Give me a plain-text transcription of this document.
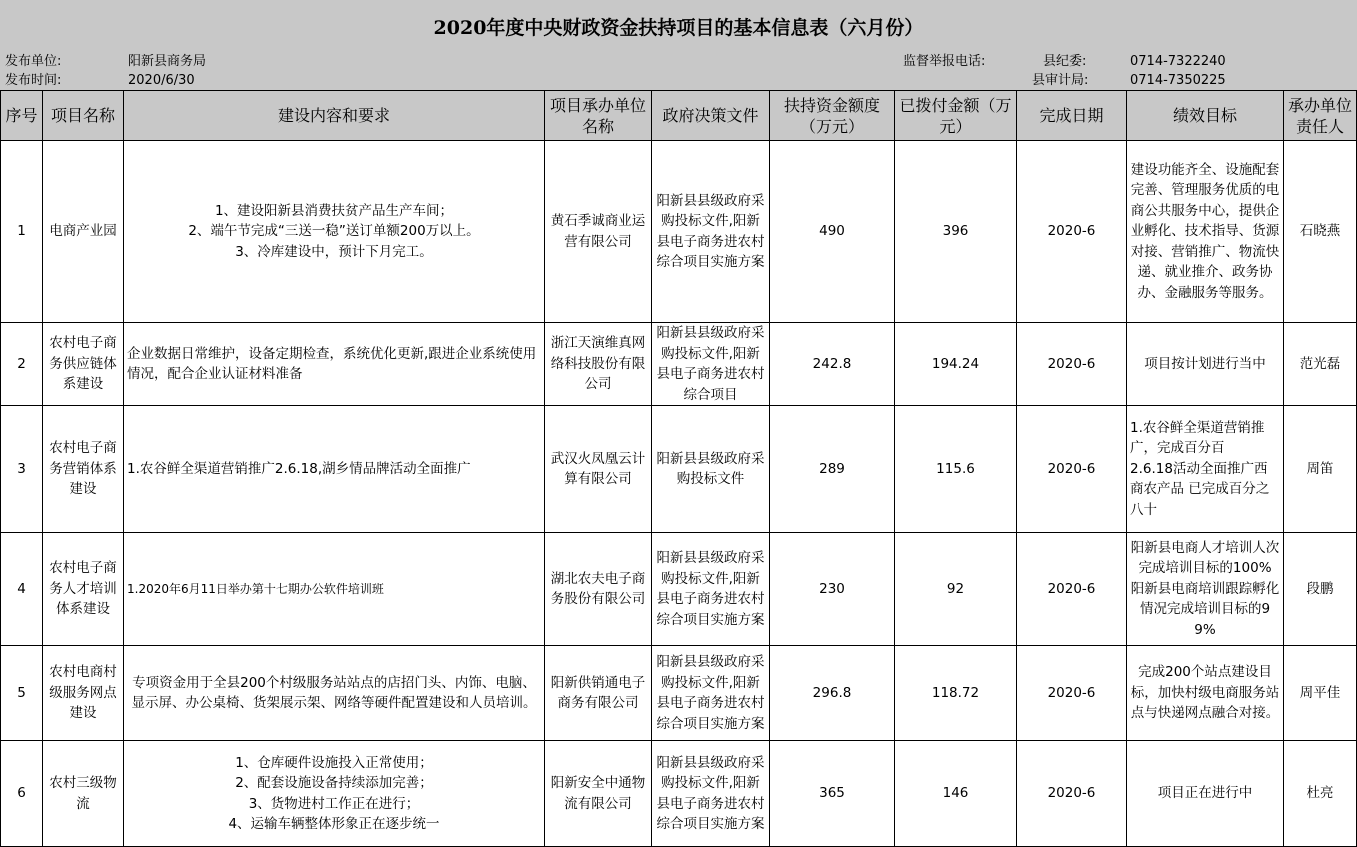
2020年度中央财政资金扶持项目的基本信息表（六月份）
发布单位:	阳新县商务局
发布时间:	2020/6/30
监督举报电话:	县纪委:	0714-7322240
县审计局:	0714-7350225
序号	项目名称	建设内容和要求	项目承办单位名称	政府决策文件	扶持资金额度（万元）	已拨付金额（万元）	完成日期	绩效目标	承办单位责任人
1	电商产业园	1、建设阳新县消费扶贫产品生产车间；
2、端午节完成“三送一稳”送订单额200万以上。
3、冷库建设中，预计下月完工。	黄石季诚商业运营有限公司	阳新县县级政府采购投标文件,阳新县电子商务进农村综合项目实施方案	490	396	2020-6	建设功能齐全、设施配套完善、管理服务优质的电商公共服务中心，提供企业孵化、技术指导、货源对接、营销推广、物流快递、就业推介、政务协办、金融服务等服务。	石晓燕
2	农村电子商务供应链体系建设	企业数据日常维护，设备定期检查，系统优化更新,跟进企业系统使用情况，配合企业认证材料准备	浙江天演维真网络科技股份有限公司	阳新县县级政府采购投标文件,阳新县电子商务进农村综合项目	242.8	194.24	2020-6	项目按计划进行当中	范光磊
3	农村电子商务营销体系建设	1.农谷鲜全渠道营销推广2.6.18,湖乡情品牌活动全面推广	武汉火凤凰云计算有限公司	阳新县县级政府采购投标文件	289	115.6	2020-6	1.农谷鲜全渠道营销推广，完成百分百
2.6.18活动全面推广西商农产品 已完成百分之八十	周笛
4	农村电子商务人才培训体系建设	1.2020年6月11日举办第十七期办公软件培训班	湖北农夫电子商务股份有限公司	阳新县县级政府采购投标文件,阳新县电子商务进农村综合项目实施方案	230	92	2020-6	阳新县电商人才培训人次完成培训目标的100% 阳新县电商培训跟踪孵化情况完成培训目标的99%	段鹏
5	农村电商村级服务网点建设	专项资金用于全县200个村级服务站站点的店招门头、内饰、电脑、显示屏、办公桌椅、货架展示架、网络等硬件配置建设和人员培训。	阳新供销通电子商务有限公司	阳新县县级政府采购投标文件,阳新县电子商务进农村综合项目实施方案	296.8	118.72	2020-6	完成200个站点建设目标，加快村级电商服务站点与快递网点融合对接。	周平佳
6	农村三级物流	1、仓库硬件设施投入正常使用；
2、配套设施设备持续添加完善；
3、货物进村工作正在进行；
4、运输车辆整体形象正在逐步统一	阳新安全中通物流有限公司	阳新县县级政府采购投标文件,阳新县电子商务进农村综合项目实施方案	365	146	2020-6	项目正在进行中	杜亮
